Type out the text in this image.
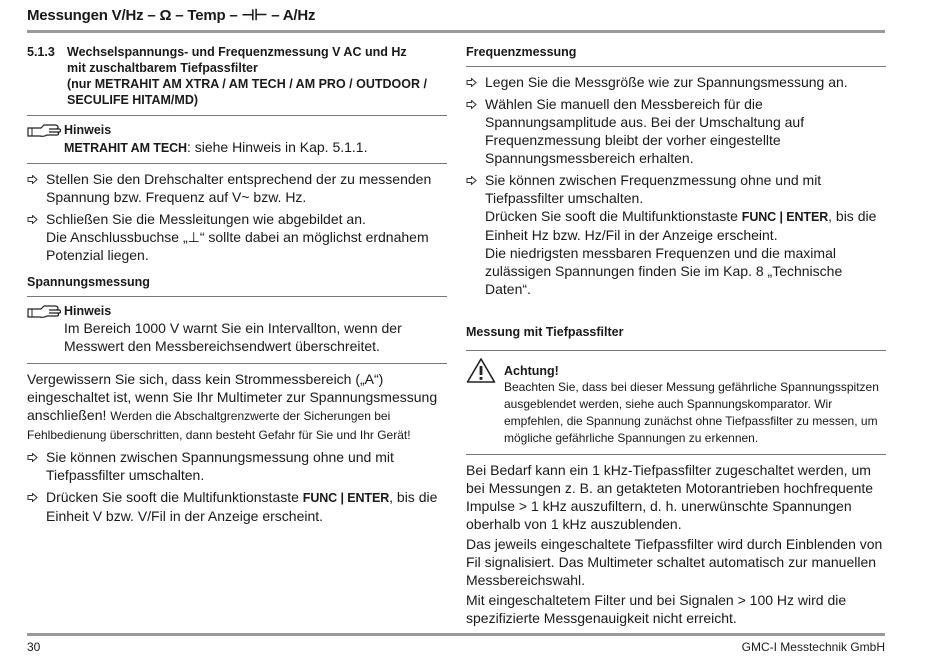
Messungen V/Hz – Ω – Temp – ⊣⊢ – A/Hz
5.1.3 Wechselspannungs- und Frequenzmessung V AC und Hz
mit zuschaltbarem Tiefpassfilter
(nur METRAHIT AM XTRA / AM TECH / AM PRO / OUTDOOR /
SECULIFE HITAM/MD)
Hinweis
METRAHIT AM TECH: siehe Hinweis in Kap. 5.1.1.
Stellen Sie den Drehschalter entsprechend der zu messenden Spannung bzw. Frequenz auf V~ bzw. Hz.
Schließen Sie die Messleitungen wie abgebildet an.
Die Anschlussbuchse „⊥“ sollte dabei an möglichst erdnahem Potenzial liegen.
Spannungsmessung
Hinweis
Im Bereich 1000 V warnt Sie ein Intervallton, wenn der Messwert den Messbereichsendwert überschreitet.
Vergewissern Sie sich, dass kein Strommessbereich („A“) eingeschaltet ist, wenn Sie Ihr Multimeter zur Spannungsmessung anschließen! Werden die Abschaltgrenzwerte der Sicherungen bei Fehlbedienung überschritten, dann besteht Gefahr für Sie und Ihr Gerät!
Sie können zwischen Spannungsmessung ohne und mit Tiefpassfilter umschalten.
Drücken Sie sooft die Multifunktionstaste FUNC | ENTER, bis die Einheit V bzw. V/Fil in der Anzeige erscheint.
Frequenzmessung
Legen Sie die Messgröße wie zur Spannungsmessung an.
Wählen Sie manuell den Messbereich für die Spannungsamplitude aus. Bei der Umschaltung auf Frequenzmessung bleibt der vorher eingestellte Spannungsmessbereich erhalten.
Sie können zwischen Frequenzmessung ohne und mit Tiefpassfilter umschalten.
Drücken Sie sooft die Multifunktionstaste FUNC | ENTER, bis die Einheit Hz bzw. Hz/Fil in der Anzeige erscheint.
Die niedrigsten messbaren Frequenzen und die maximal zulässigen Spannungen finden Sie im Kap. 8 „Technische Daten“.
Messung mit Tiefpassfilter
Achtung!
Beachten Sie, dass bei dieser Messung gefährliche Spannungsspitzen ausgeblendet werden, siehe auch Spannungskomparator. Wir empfehlen, die Spannung zunächst ohne Tiefpassfilter zu messen, um mögliche gefährliche Spannungen zu erkennen.
Bei Bedarf kann ein 1 kHz-Tiefpassfilter zugeschaltet werden, um bei Messungen z. B. an getakteten Motorantrieben hochfrequente Impulse > 1 kHz auszufiltern, d. h. unerwünschte Spannungen oberhalb von 1 kHz auszublenden.
Das jeweils eingeschaltete Tiefpassfilter wird durch Einblenden von Fil signalisiert. Das Multimeter schaltet automatisch zur manuellen Messbereichswahl.
Mit eingeschaltetem Filter und bei Signalen > 100 Hz wird die spezifizierte Messgenauigkeit nicht erreicht.
30	GMC-I Messtechnik GmbH
